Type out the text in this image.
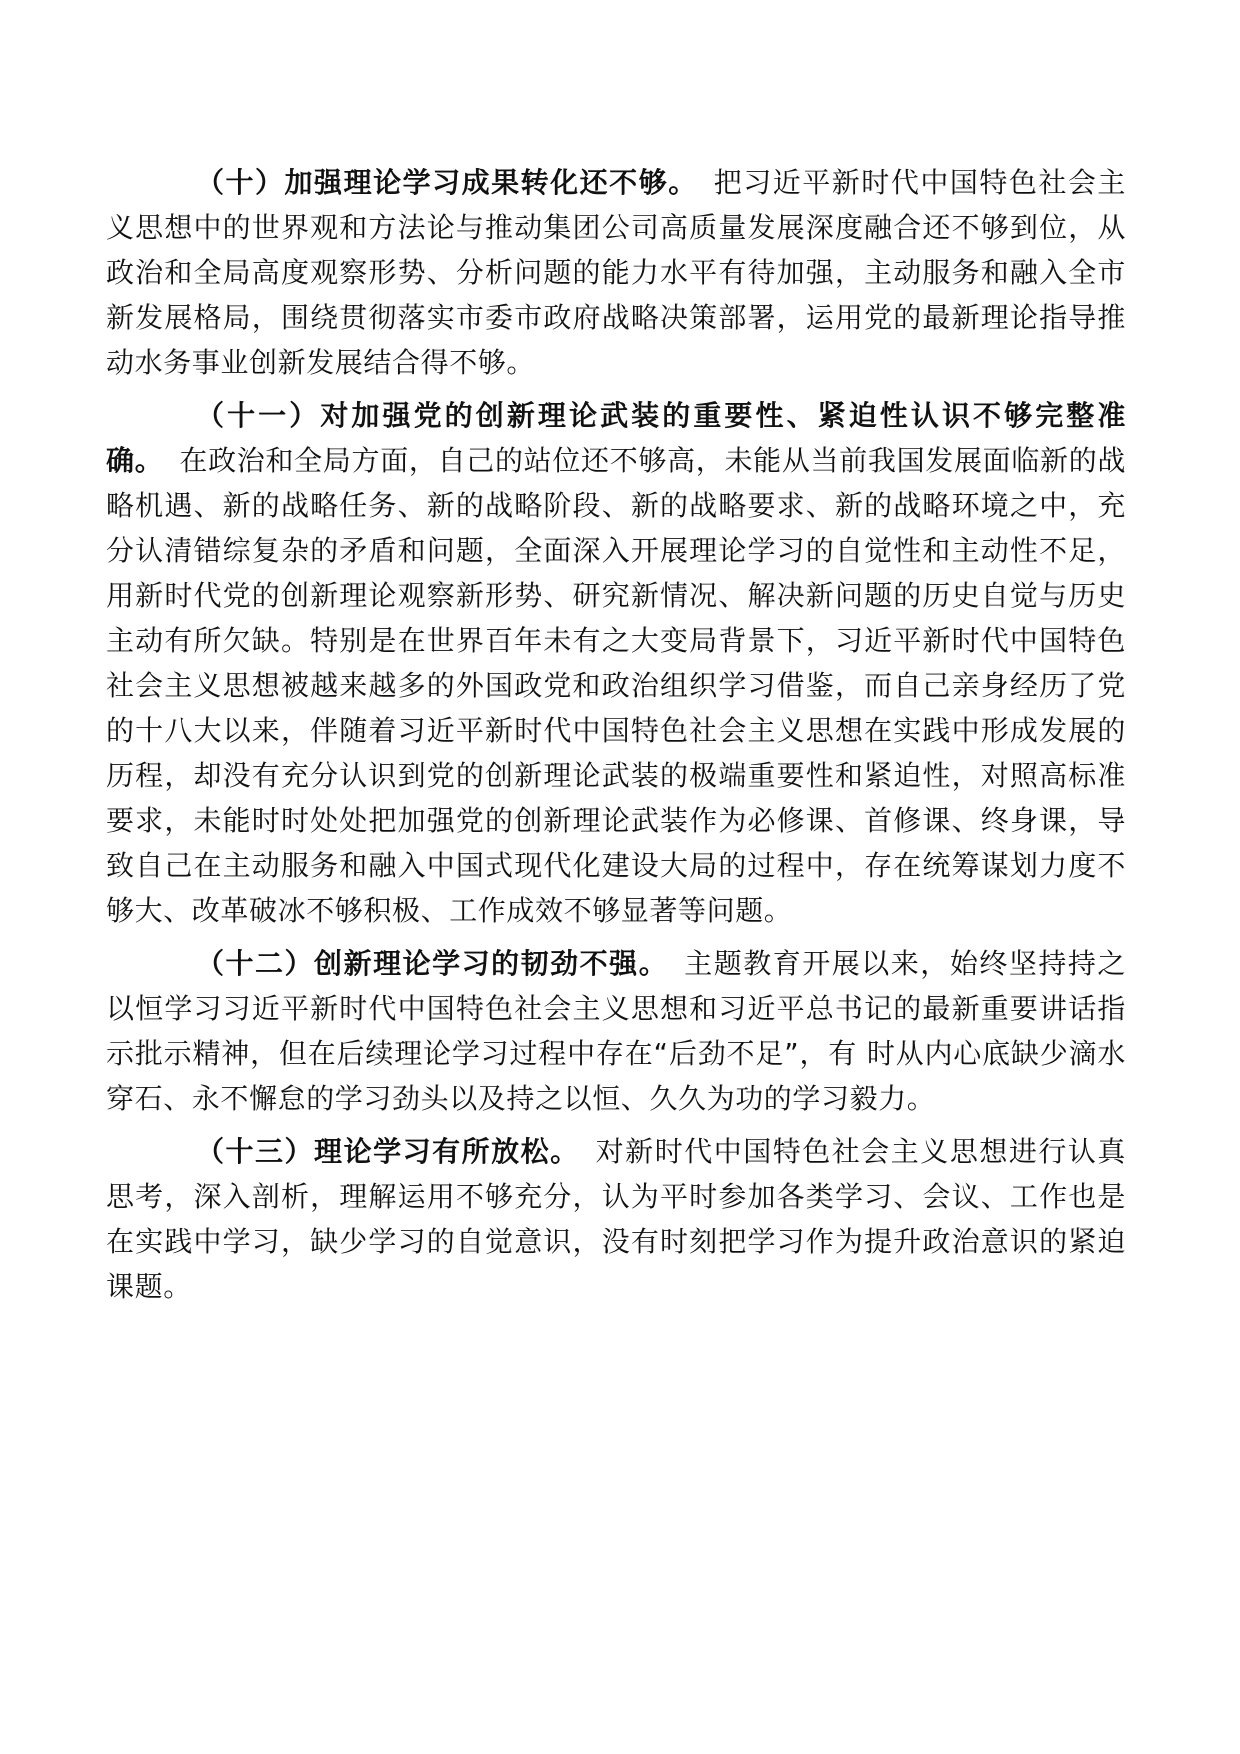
（十）加强理论学习成果转化还不够。 把习近平新时代中国特色社会主义思想中的世界观和方法论与推动集团公司高质量发展深度融合还不够到位，从政治和全局高度观察形势、分析问题的能力水平有待加强，主动服务和融入全市新发展格局，围绕贯彻落实市委市政府战略决策部署，运用党的最新理论指导推动水务事业创新发展结合得不够。

（十一）对加强党的创新理论武装的重要性、紧迫性认识不够完整准确。 在政治和全局方面，自己的站位还不够高，未能从当前我国发展面临新的战略机遇、新的战略任务、新的战略阶段、新的战略要求、新的战略环境之中，充分认清错综复杂的矛盾和问题，全面深入开展理论学习的自觉性和主动性不足，用新时代党的创新理论观察新形势、研究新情况、解决新问题的历史自觉与历史主动有所欠缺。特别是在世界百年未有之大变局背景下，习近平新时代中国特色社会主义思想被越来越多的外国政党和政治组织学习借鉴，而自己亲身经历了党的十八大以来，伴随着习近平新时代中国特色社会主义思想在实践中形成发展的历程，却没有充分认识到党的创新理论武装的极端重要性和紧迫性，对照高标准要求，未能时时处处把加强党的创新理论武装作为必修课、首修课、终身课，导致自己在主动服务和融入中国式现代化建设大局的过程中，存在统筹谋划力度不够大、改革破冰不够积极、工作成效不够显著等问题。

（十二）创新理论学习的韧劲不强。 主题教育开展以来，始终坚持持之以恒学习习近平新时代中国特色社会主义思想和习近平总书记的最新重要讲话指示批示精神，但在后续理论学习过程中存在“后劲不足”，有 时从内心底缺少滴水穿石、永不懈怠的学习劲头以及持之以恒、久久为功的学习毅力。

（十三）理论学习有所放松。 对新时代中国特色社会主义思想进行认真思考，深入剖析，理解运用不够充分，认为平时参加各类学习、会议、工作也是在实践中学习，缺少学习的自觉意识，没有时刻把学习作为提升政治意识的紧迫课题。
